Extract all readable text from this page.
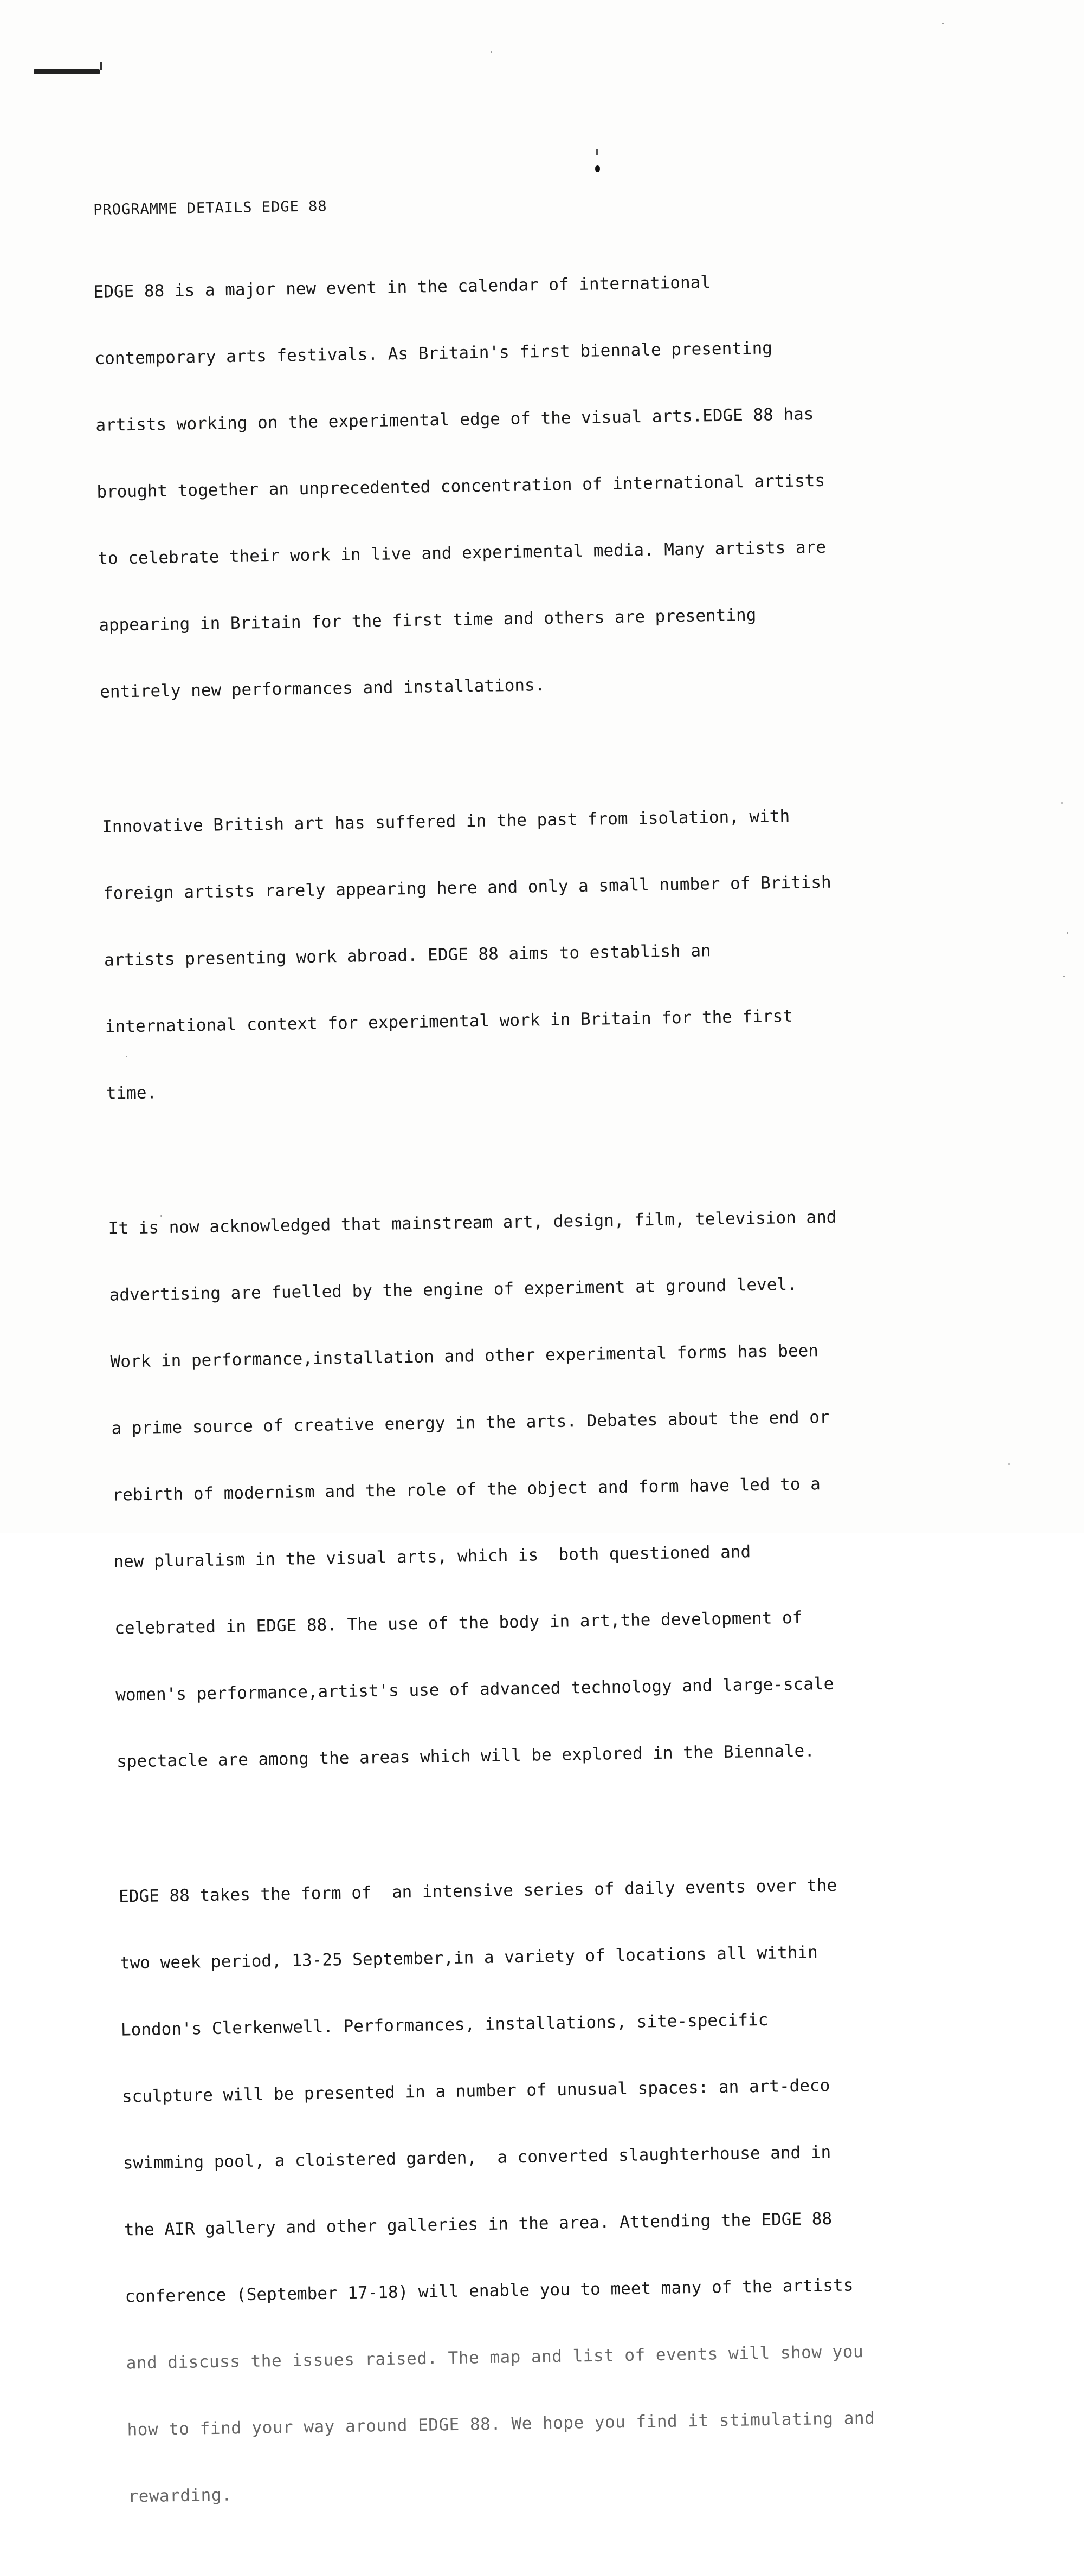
PROGRAMME DETAILS EDGE 88

EDGE 88 is a major new event in the calendar of international

contemporary arts festivals. As Britain's first biennale presenting

artists working on the experimental edge of the visual arts.EDGE 88 has

brought together an unprecedented concentration of international artists

to celebrate their work in live and experimental media. Many artists are

appearing in Britain for the first time and others are presenting

entirely new performances and installations.

Innovative British art has suffered in the past from isolation, with

foreign artists rarely appearing here and only a small number of British

artists presenting work abroad. EDGE 88 aims to establish an

international context for experimental work in Britain for the first

time.

It is now acknowledged that mainstream art, design, film, television and

advertising are fuelled by the engine of experiment at ground level.

Work in performance,installation and other experimental forms has been

a prime source of creative energy in the arts. Debates about the end or

rebirth of modernism and the role of the object and form have led to a

new pluralism in the visual arts, which is  both questioned and

celebrated in EDGE 88. The use of the body in art,the development of

women's performance,artist's use of advanced technology and large-scale

spectacle are among the areas which will be explored in the Biennale.

EDGE 88 takes the form of  an intensive series of daily events over the

two week period, 13-25 September,in a variety of locations all within

London's Clerkenwell. Performances, installations, site-specific

sculpture will be presented in a number of unusual spaces: an art-deco

swimming pool, a cloistered garden,  a converted slaughterhouse and in

the AIR gallery and other galleries in the area. Attending the EDGE 88

conference (September 17-18) will enable you to meet many of the artists

and discuss the issues raised. The map and list of events will show you

how to find your way around EDGE 88. We hope you find it stimulating and

rewarding.
